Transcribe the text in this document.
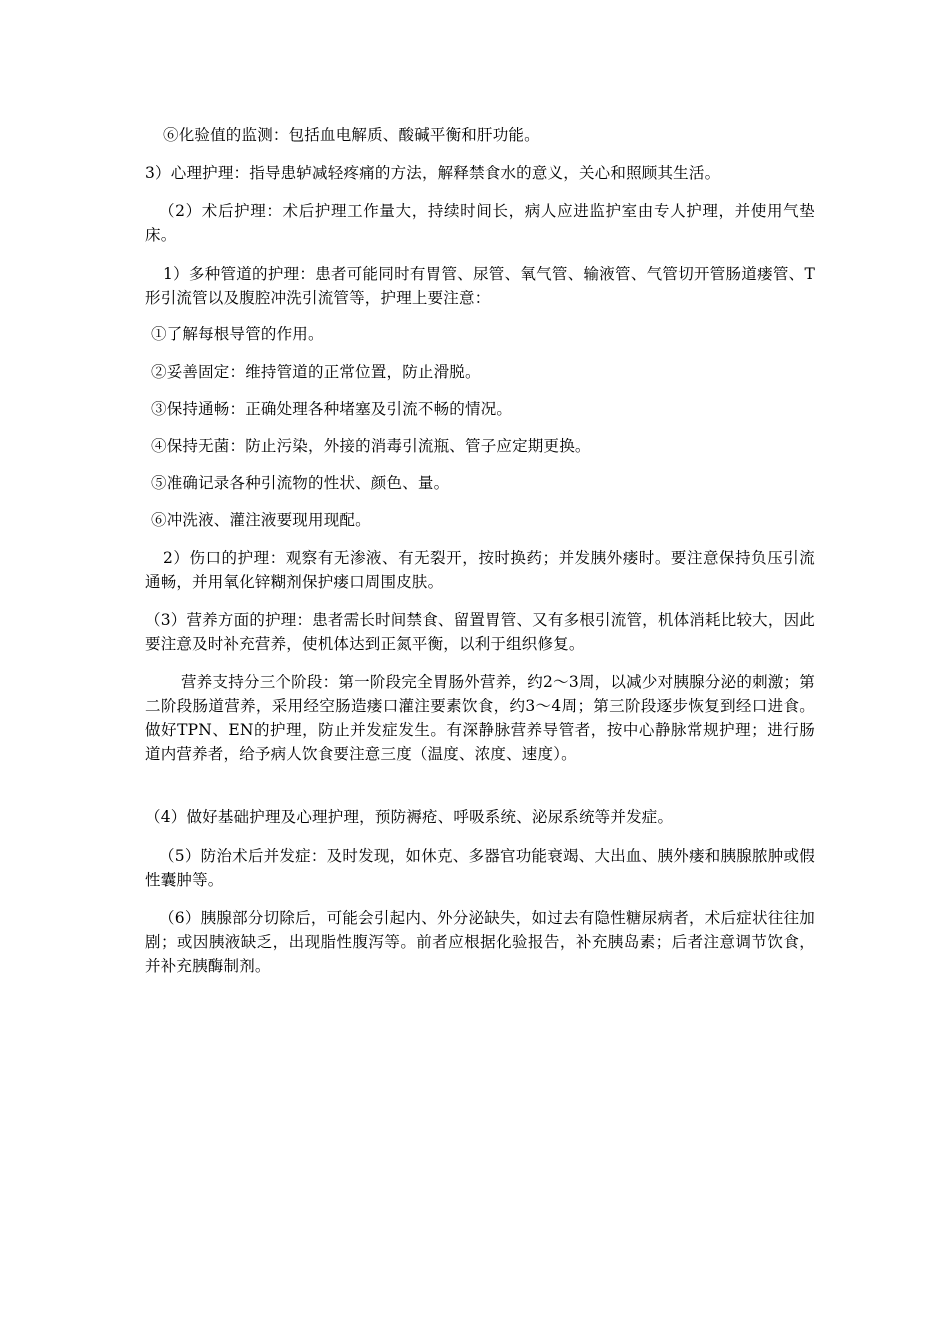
⑥化验值的监测：包括血电解质、酸碱平衡和肝功能。

3）心理护理：指导患轳减轻疼痛的方法，解释禁食水的意义，关心和照顾其生活。

（2）术后护理：术后护理工作量大，持续时间长，病人应进监护室由专人护理，并使用气垫床。

1）多种管道的护理：患者可能同时有胃管、尿管、氧气管、输液管、气管切开管肠道瘘管、T形引流管以及腹腔冲洗引流管等，护理上要注意：

①了解每根导管的作用。

②妥善固定：维持管道的正常位置，防止滑脱。

③保持通畅：正确处理各种堵塞及引流不畅的情况。

④保持无菌：防止污染，外接的消毒引流瓶、管子应定期更换。

⑤准确记录各种引流物的性状、颜色、量。

⑥冲洗液、灌注液要现用现配。

2）伤口的护理：观察有无渗液、有无裂开，按时换药；并发胰外瘘时。要注意保持负压引流通畅，并用氧化锌糊剂保护瘘口周围皮肤。

（3）营养方面的护理：患者需长时间禁食、留置胃管、又有多根引流管，机体消耗比较大，因此要注意及时补充营养，使机体达到正氮平衡，以利于组织修复。

营养支持分三个阶段：第一阶段完全胃肠外营养，约2～3周，以减少对胰腺分泌的刺激；第二阶段肠道营养，采用经空肠造瘘口灌注要素饮食，约3～4周；第三阶段逐步恢复到经口进食。做好TPN、EN的护理，防止并发症发生。有深静脉营养导管者，按中心静脉常规护理；进行肠道内营养者，给予病人饮食要注意三度（温度、浓度、速度）。

（4）做好基础护理及心理护理，预防褥疮、呼吸系统、泌尿系统等并发症。

（5）防治术后并发症：及时发现，如休克、多器官功能衰竭、大出血、胰外瘘和胰腺脓肿或假性囊肿等。

（6）胰腺部分切除后，可能会引起内、外分泌缺失，如过去有隐性糖尿病者，术后症状往往加剧；或因胰液缺乏，出现脂性腹泻等。前者应根据化验报告，补充胰岛素；后者注意调节饮食，并补充胰酶制剂。
